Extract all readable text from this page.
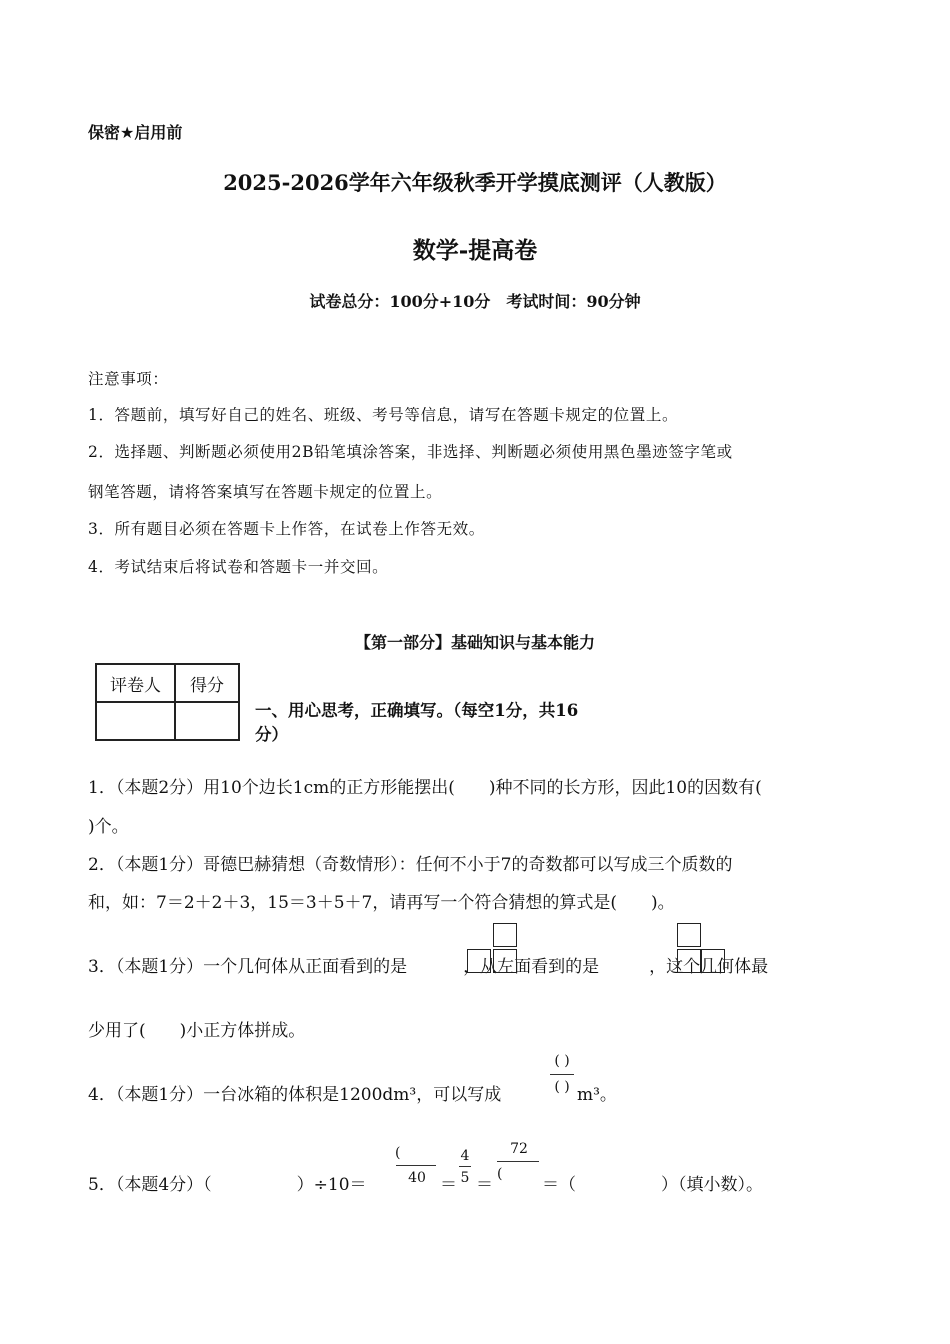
保密★启用前
2025-2026学年六年级秋季开学摸底测评（人教版）
数学-提高卷
试卷总分：100分+10分　考试时间：90分钟
注意事项：
1．答题前，填写好自己的姓名、班级、考号等信息，请写在答题卡规定的位置上。
2．选择题、判断题必须使用2B铅笔填涂答案，非选择、判断题必须使用黑色墨迹签字笔或
钢笔答题，请将答案填写在答题卡规定的位置上。
3．所有题目必须在答题卡上作答，在试卷上作答无效。
4．考试结束后将试卷和答题卡一并交回。
【第一部分】基础知识与基本能力
评卷人	得分

一、用心思考，正确填写。（每空1分，共16
分）
1．（本题2分）用10个边长1cm的正方形能摆出(　　)种不同的长方形，因此10的因数有(
)个。
2．（本题1分）哥德巴赫猜想（奇数情形）：任何不小于7的奇数都可以写成三个质数的
和，如：7＝2＋2＋3，15＝3＋5＋7，请再写一个符合猜想的算式是(　　)。
3．（本题1分）一个几何体从正面看到的是	，从左面看到的是	，这个几何体最
少用了(　　)小正方体拼成。
4．（本题1分）一台冰箱的体积是1200dm³，可以写成
( )
( ) m³。
5．（本题4分）（　　　　　）÷10＝
(
40 ＝
4
5 ＝
72
(
＝（　　　　　）（填小数）。
